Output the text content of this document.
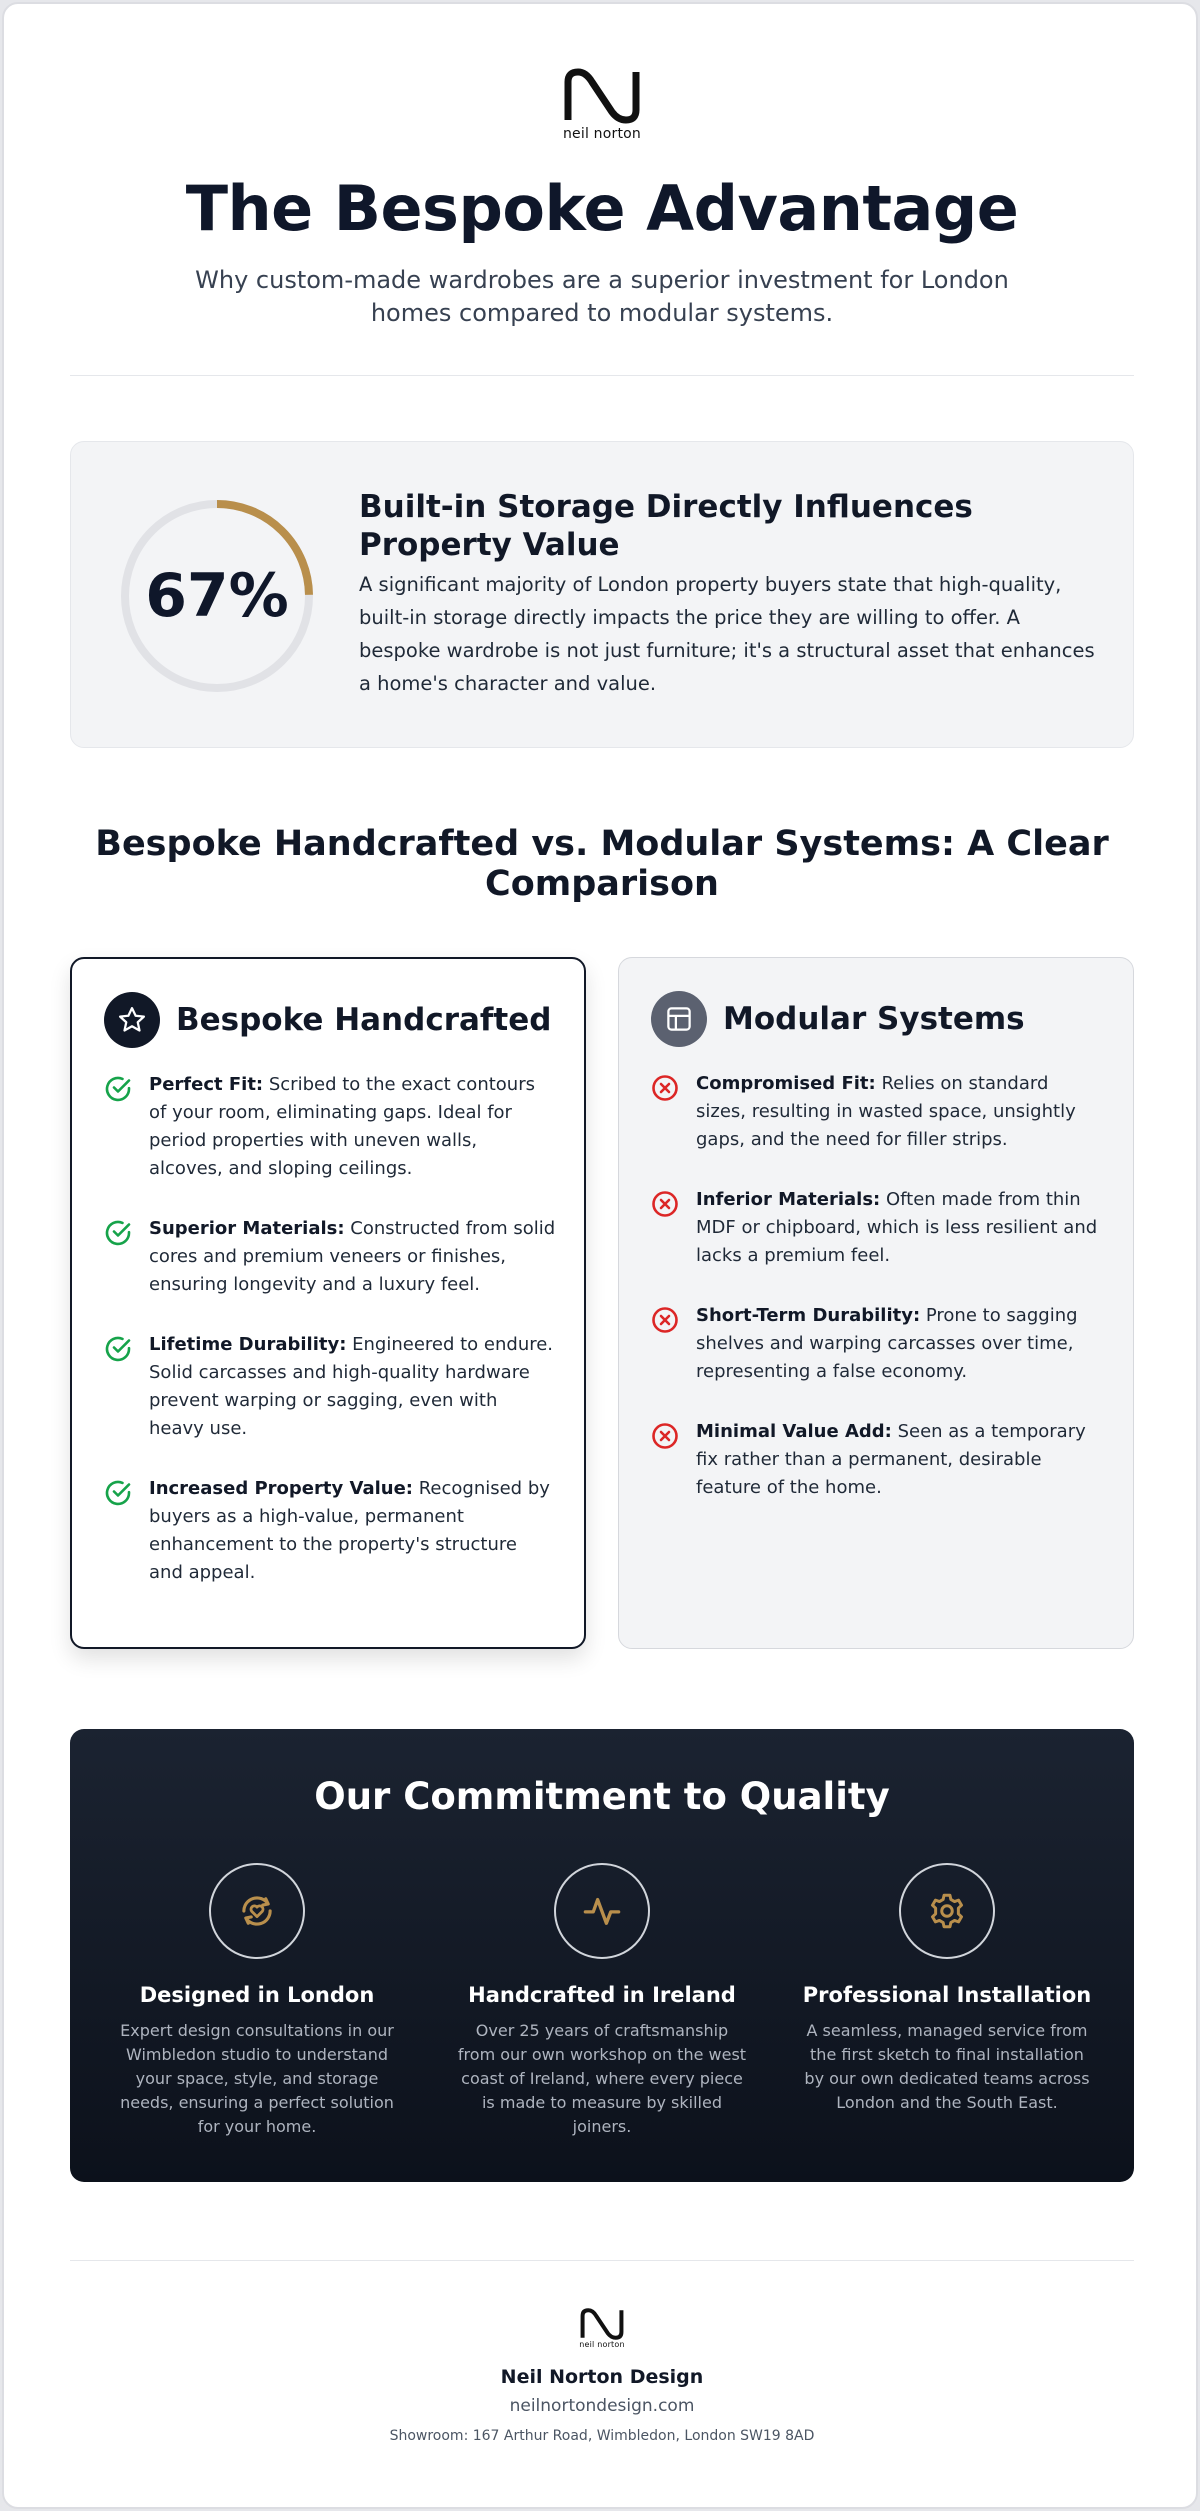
neil norton
The Bespoke Advantage
Why custom-made wardrobes are a superior investment for London homes compared to modular systems.
67%
Built-in Storage Directly Influences Property Value
A significant majority of London property buyers state that high-quality, built-in storage directly impacts the price they are willing to offer. A bespoke wardrobe is not just furniture; it's a structural asset that enhances a home's character and value.
Bespoke Handcrafted vs. Modular Systems: A Clear Comparison
Bespoke Handcrafted
Perfect Fit: Scribed to the exact contours of your room, eliminating gaps. Ideal for period properties with uneven walls, alcoves, and sloping ceilings.
Superior Materials: Constructed from solid cores and premium veneers or finishes, ensuring longevity and a luxury feel.
Lifetime Durability: Engineered to endure. Solid carcasses and high-quality hardware prevent warping or sagging, even with heavy use.
Increased Property Value: Recognised by buyers as a high-value, permanent enhancement to the property's structure and appeal.
Modular Systems
Compromised Fit: Relies on standard sizes, resulting in wasted space, unsightly gaps, and the need for filler strips.
Inferior Materials: Often made from thin MDF or chipboard, which is less resilient and lacks a premium feel.
Short-Term Durability: Prone to sagging shelves and warping carcasses over time, representing a false economy.
Minimal Value Add: Seen as a temporary fix rather than a permanent, desirable feature of the home.
Our Commitment to Quality
Designed in London
Expert design consultations in our Wimbledon studio to understand your space, style, and storage needs, ensuring a perfect solution for your home.
Handcrafted in Ireland
Over 25 years of craftsmanship from our own workshop on the west coast of Ireland, where every piece is made to measure by skilled joiners.
Professional Installation
A seamless, managed service from the first sketch to final installation by our own dedicated teams across London and the South East.
neil norton
Neil Norton Design
neilnortondesign.com
Showroom: 167 Arthur Road, Wimbledon, London SW19 8AD
